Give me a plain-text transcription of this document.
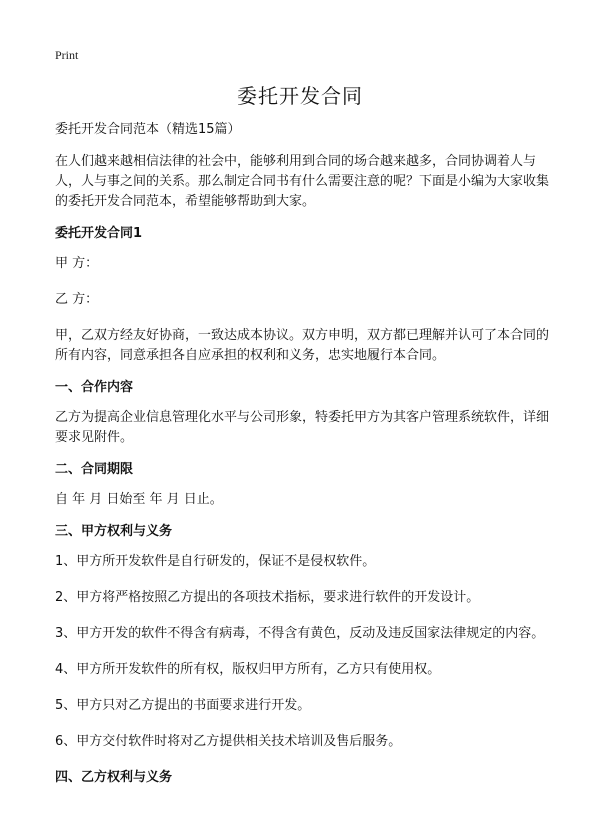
Print
委托开发合同

委托开发合同范本（精选15篇）

在人们越来越相信法律的社会中，能够利用到合同的场合越来越多，合同协调着人与人，人与事之间的关系。那么制定合同书有什么需要注意的呢？下面是小编为大家收集的委托开发合同范本，希望能够帮助到大家。

委托开发合同1

甲 方：

乙 方：

甲，乙双方经友好协商，一致达成本协议。双方申明，双方都已理解并认可了本合同的所有内容，同意承担各自应承担的权利和义务，忠实地履行本合同。

一、合作内容

乙方为提高企业信息管理化水平与公司形象，特委托甲方为其客户管理系统软件，详细要求见附件。

二、合同期限

自 年 月 日始至 年 月 日止。

三、甲方权利与义务

1、甲方所开发软件是自行研发的，保证不是侵权软件。

2、甲方将严格按照乙方提出的各项技术指标，要求进行软件的开发设计。

3、甲方开发的软件不得含有病毒，不得含有黄色，反动及违反国家法律规定的内容。

4、甲方所开发软件的所有权，版权归甲方所有，乙方只有使用权。

5、甲方只对乙方提出的书面要求进行开发。

6、甲方交付软件时将对乙方提供相关技术培训及售后服务。

四、乙方权利与义务
